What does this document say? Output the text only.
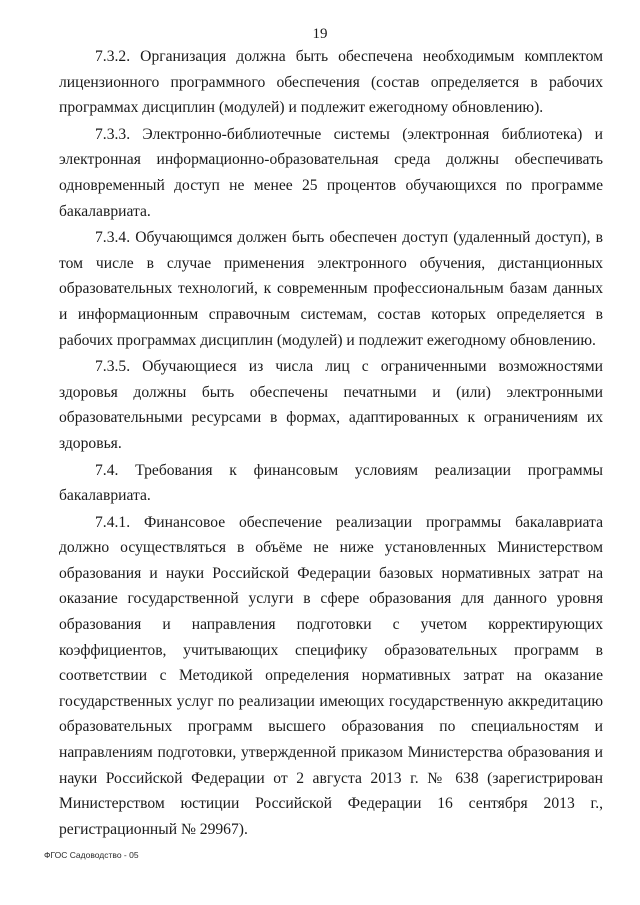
19

7.3.2. Организация должна быть обеспечена необходимым комплектом лицензионного программного обеспечения (состав определяется в рабочих программах дисциплин (модулей) и подлежит ежегодному обновлению).

7.3.3. Электронно-библиотечные системы (электронная библиотека) и электронная информационно-образовательная среда должны обеспечивать одновременный доступ не менее 25 процентов обучающихся по программе бакалавриата.

7.3.4. Обучающимся должен быть обеспечен доступ (удаленный доступ), в том числе в случае применения электронного обучения, дистанционных образовательных технологий, к современным профессиональным базам данных и информационным справочным системам, состав которых определяется в рабочих программах дисциплин (модулей) и подлежит ежегодному обновлению.

7.3.5. Обучающиеся из числа лиц с ограниченными возможностями здоровья должны быть обеспечены печатными и (или) электронными образовательными ресурсами в формах, адаптированных к ограничениям их здоровья.

7.4. Требования к финансовым условиям реализации программы бакалавриата.

7.4.1. Финансовое обеспечение реализации программы бакалавриата должно осуществляться в объёме не ниже установленных Министерством образования и науки Российской Федерации базовых нормативных затрат на оказание государственной услуги в сфере образования для данного уровня образования и направления подготовки с учетом корректирующих коэффициентов, учитывающих специфику образовательных программ в соответствии с Методикой определения нормативных затрат на оказание государственных услуг по реализации имеющих государственную аккредитацию образовательных программ высшего образования по специальностям и направлениям подготовки, утвержденной приказом Министерства образования и науки Российской Федерации от 2 августа 2013 г. № 638 (зарегистрирован Министерством юстиции Российской Федерации 16 сентября 2013 г., регистрационный № 29967).

ФГОС Садоводство - 05
